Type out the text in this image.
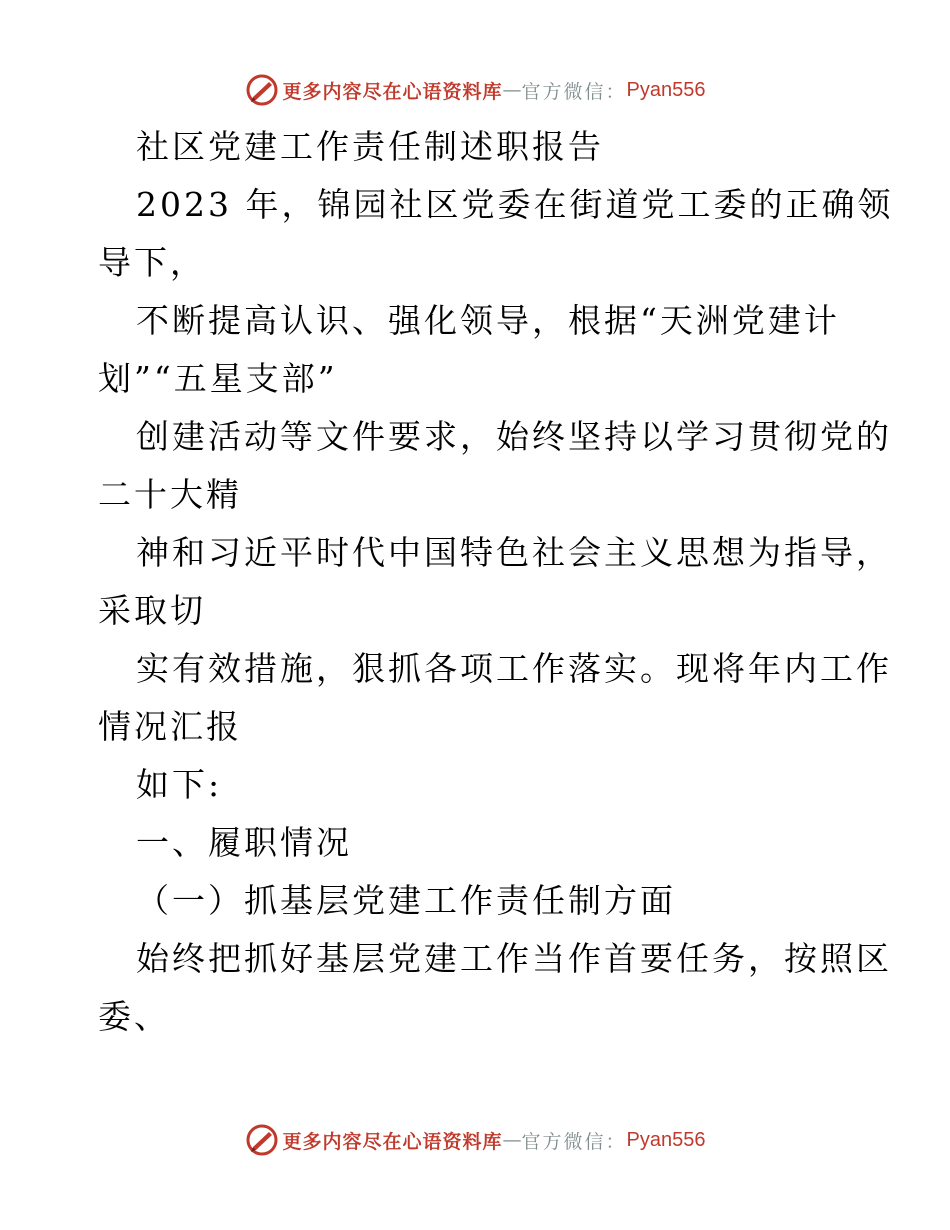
更多内容尽在心语资料库 — 官方微信： Pyan556
社区党建工作责任制述职报告
2023 年，锦园社区党委在街道党工委的正确领
导下，
不断提高认识、强化领导，根据“天洲党建计
划”“五星支部”
创建活动等文件要求，始终坚持以学习贯彻党的
二十大精
神和习近平时代中国特色社会主义思想为指导，
采取切
实有效措施，狠抓各项工作落实。现将年内工作
情况汇报
如下:
一、履职情况
（一）抓基层党建工作责任制方面
始终把抓好基层党建工作当作首要任务，按照区
委、
更多内容尽在心语资料库 — 官方微信： Pyan556
